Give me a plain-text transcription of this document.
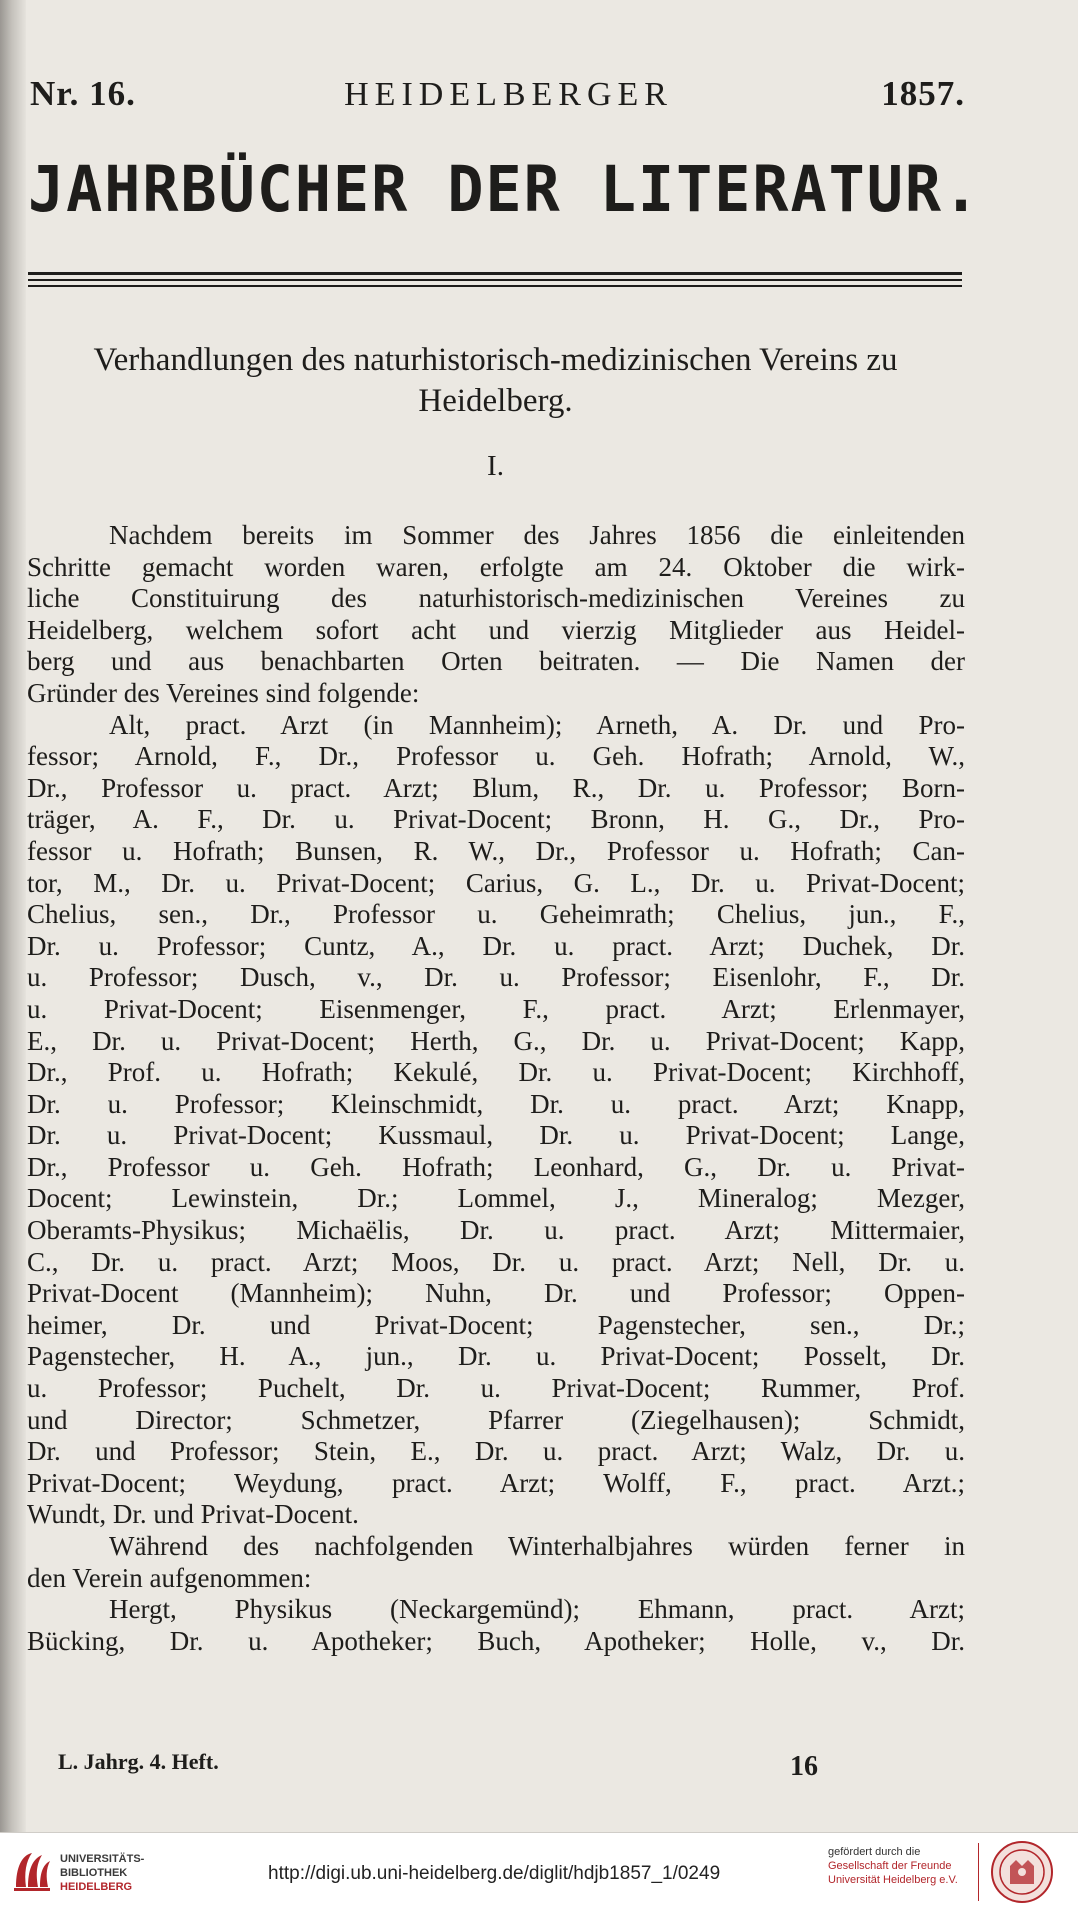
Nr. 16.	HEIDELBERGER	1857.
JAHRBÜCHER DER LITERATUR.
Verhandlungen des naturhistorisch-medizinischen Vereins zu
Heidelberg.
I.
Nachdem bereits im Sommer des Jahres 1856 die einleitenden
Schritte gemacht worden waren, erfolgte am 24. Oktober die wirk-
liche Constituirung des naturhistorisch-medizinischen Vereines zu
Heidelberg, welchem sofort acht und vierzig Mitglieder aus Heidel-
berg und aus benachbarten Orten beitraten. — Die Namen der
Gründer des Vereines sind folgende:
Alt, pract. Arzt (in Mannheim); Arneth, A. Dr. und Pro-
fessor; Arnold, F., Dr., Professor u. Geh. Hofrath; Arnold, W.,
Dr., Professor u. pract. Arzt; Blum, R., Dr. u. Professor; Born-
träger, A. F., Dr. u. Privat-Docent; Bronn, H. G., Dr., Pro-
fessor u. Hofrath; Bunsen, R. W., Dr., Professor u. Hofrath; Can-
tor, M., Dr. u. Privat-Docent; Carius, G. L., Dr. u. Privat-Docent;
Chelius, sen., Dr., Professor u. Geheimrath; Chelius, jun., F.,
Dr. u. Professor; Cuntz, A., Dr. u. pract. Arzt; Duchek, Dr.
u. Professor; Dusch, v., Dr. u. Professor; Eisenlohr, F., Dr.
u. Privat-Docent; Eisenmenger, F., pract. Arzt; Erlenmayer,
E., Dr. u. Privat-Docent; Herth, G., Dr. u. Privat-Docent; Kapp,
Dr., Prof. u. Hofrath; Kekulé, Dr. u. Privat-Docent; Kirchhoff,
Dr. u. Professor; Kleinschmidt, Dr. u. pract. Arzt; Knapp,
Dr. u. Privat-Docent; Kussmaul, Dr. u. Privat-Docent; Lange,
Dr., Professor u. Geh. Hofrath; Leonhard, G., Dr. u. Privat-
Docent; Lewinstein, Dr.; Lommel, J., Mineralog; Mezger,
Oberamts-Physikus; Michaëlis, Dr. u. pract. Arzt; Mittermaier,
C., Dr. u. pract. Arzt; Moos, Dr. u. pract. Arzt; Nell, Dr. u.
Privat-Docent (Mannheim); Nuhn, Dr. und Professor; Oppen-
heimer, Dr. und Privat-Docent; Pagenstecher, sen., Dr.;
Pagenstecher, H. A., jun., Dr. u. Privat-Docent; Posselt, Dr.
u. Professor; Puchelt, Dr. u. Privat-Docent; Rummer, Prof.
und Director; Schmetzer, Pfarrer (Ziegelhausen); Schmidt,
Dr. und Professor; Stein, E., Dr. u. pract. Arzt; Walz, Dr. u.
Privat-Docent; Weydung, pract. Arzt; Wolff, F., pract. Arzt.;
Wundt, Dr. und Privat-Docent.
Während des nachfolgenden Winterhalbjahres würden ferner in
den Verein aufgenommen:
Hergt, Physikus (Neckargemünd); Ehmann, pract. Arzt;
Bücking, Dr. u. Apotheker; Buch, Apotheker; Holle, v., Dr.
L. Jahrg. 4. Heft.	16
UNIVERSITÄTS-
BIBLIOTHEK
HEIDELBERG
http://digi.ub.uni-heidelberg.de/diglit/hdjb1857_1/0249
gefördert durch die
Gesellschaft der Freunde
Universität Heidelberg e.V.
